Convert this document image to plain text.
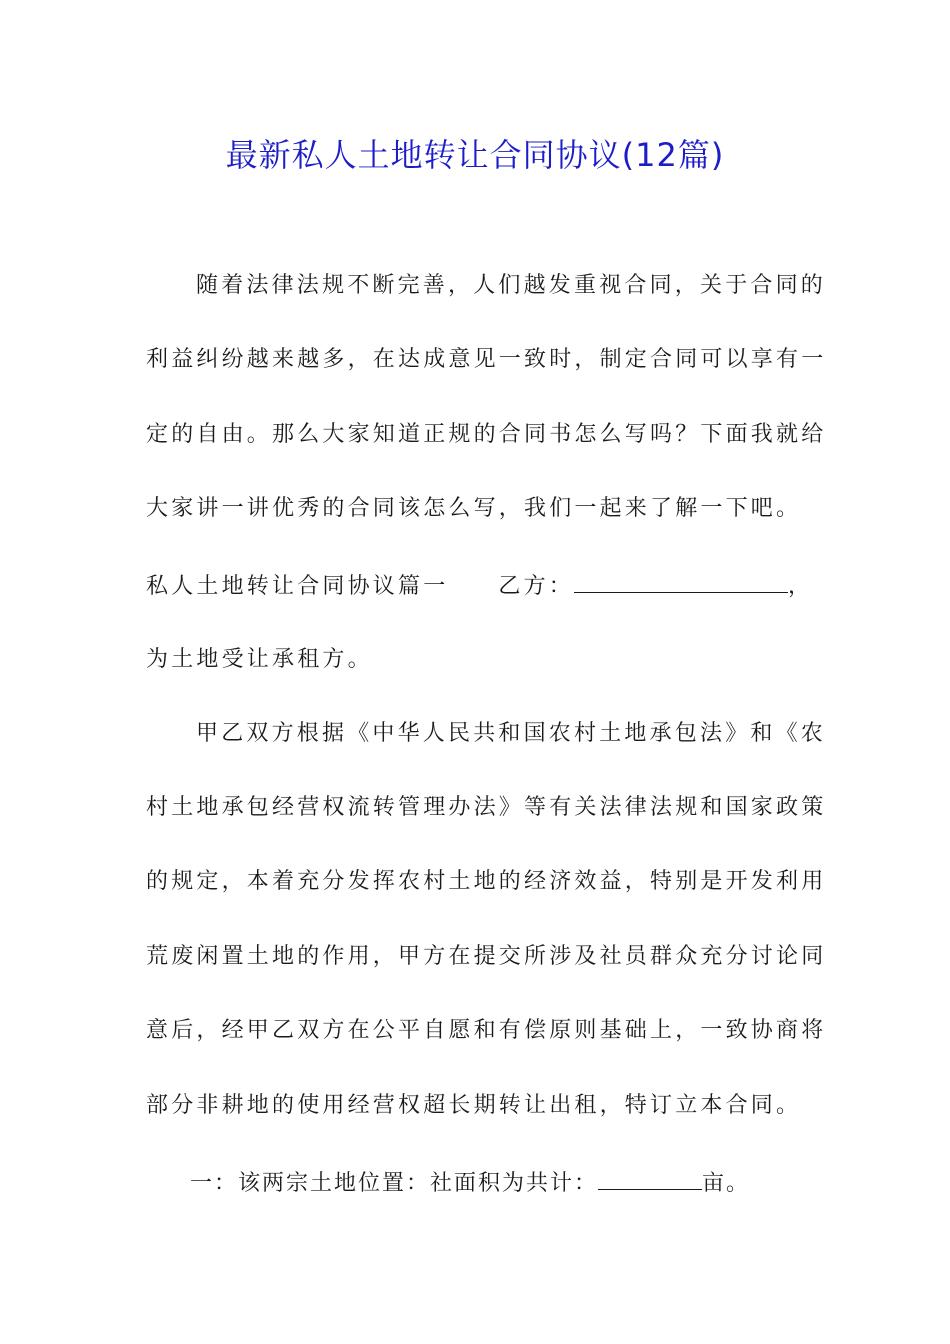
最新私人土地转让合同协议(12篇)
随着法律法规不断完善，人们越发重视合同，关于合同的
利益纠纷越来越多，在达成意见一致时，制定合同可以享有一
定的自由。那么大家知道正规的合同书怎么写吗？下面我就给
大家讲一讲优秀的合同该怎么写，我们一起来了解一下吧。
私人土地转让合同协议篇一 乙方：	，
为土地受让承租方。
甲乙双方根据《中华人民共和国农村土地承包法》和《农
村土地承包经营权流转管理办法》等有关法律法规和国家政策
的规定，本着充分发挥农村土地的经济效益，特别是开发利用
荒废闲置土地的作用，甲方在提交所涉及社员群众充分讨论同
意后，经甲乙双方在公平自愿和有偿原则基础上，一致协商将
部分非耕地的使用经营权超长期转让出租，特订立本合同。
一：该两宗土地位置：社面积为共计：	亩。
